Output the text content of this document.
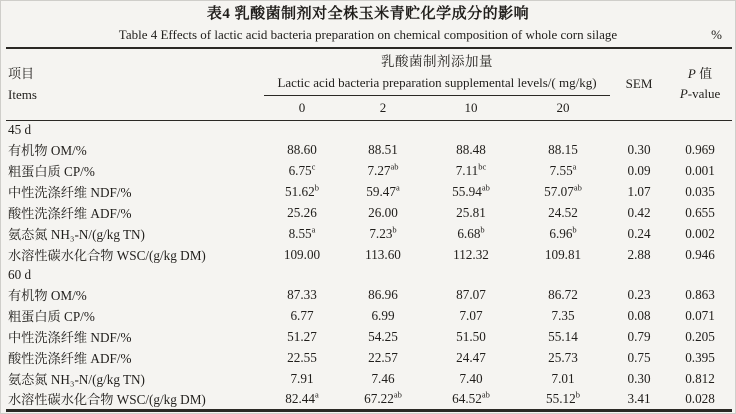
表4 乳酸菌制剂对全株玉米青贮化学成分的影响
Table 4 Effects of lactic acid bacteria preparation on chemical composition of whole corn silage	%
项目
Items

乳酸菌制剂添加量
Lactic acid bacteria preparation supplemental levels/( mg/kg)	SEM	
P 值
P-value

	0	2	10	20		
45 d						
有机物 OM/%	88.60	88.51	88.48	88.15	0.30	0.969
粗蛋白质 CP/%	6.75$^c$	7.27$^{ab}$	7.11$^{bc}$	7.55$^a$	0.09	0.001
中性洗涤纤维 NDF/%	51.62$^b$	59.47$^a$	55.94$^{ab}$	57.07$^{ab}$	1.07	0.035
酸性洗涤纤维 ADF/%	25.26	26.00	25.81	24.52	0.42	0.655
氨态氮 NH₃-N/(g/kg TN)	8.55$^a$	7.23$^b$	6.68$^b$	6.96$^b$	0.24	0.002
水溶性碳水化合物 WSC/(g/kg DM)	109.00	113.60	112.32	109.81	2.88	0.946
60 d						
有机物 OM/%	87.33	86.96	87.07	86.72	0.23	0.863
粗蛋白质 CP/%	6.77	6.99	7.07	7.35	0.08	0.071
中性洗涤纤维 NDF/%	51.27	54.25	51.50	55.14	0.79	0.205
酸性洗涤纤维 ADF/%	22.55	22.57	24.47	25.73	0.75	0.395
氨态氮 NH₃-N/(g/kg TN)	7.91	7.46	7.40	7.01	0.30	0.812
水溶性碳水化合物 WSC/(g/kg DM)	82.44$^a$	67.22$^{ab}$	64.52$^{ab}$	55.12$^b$	3.41	0.028
